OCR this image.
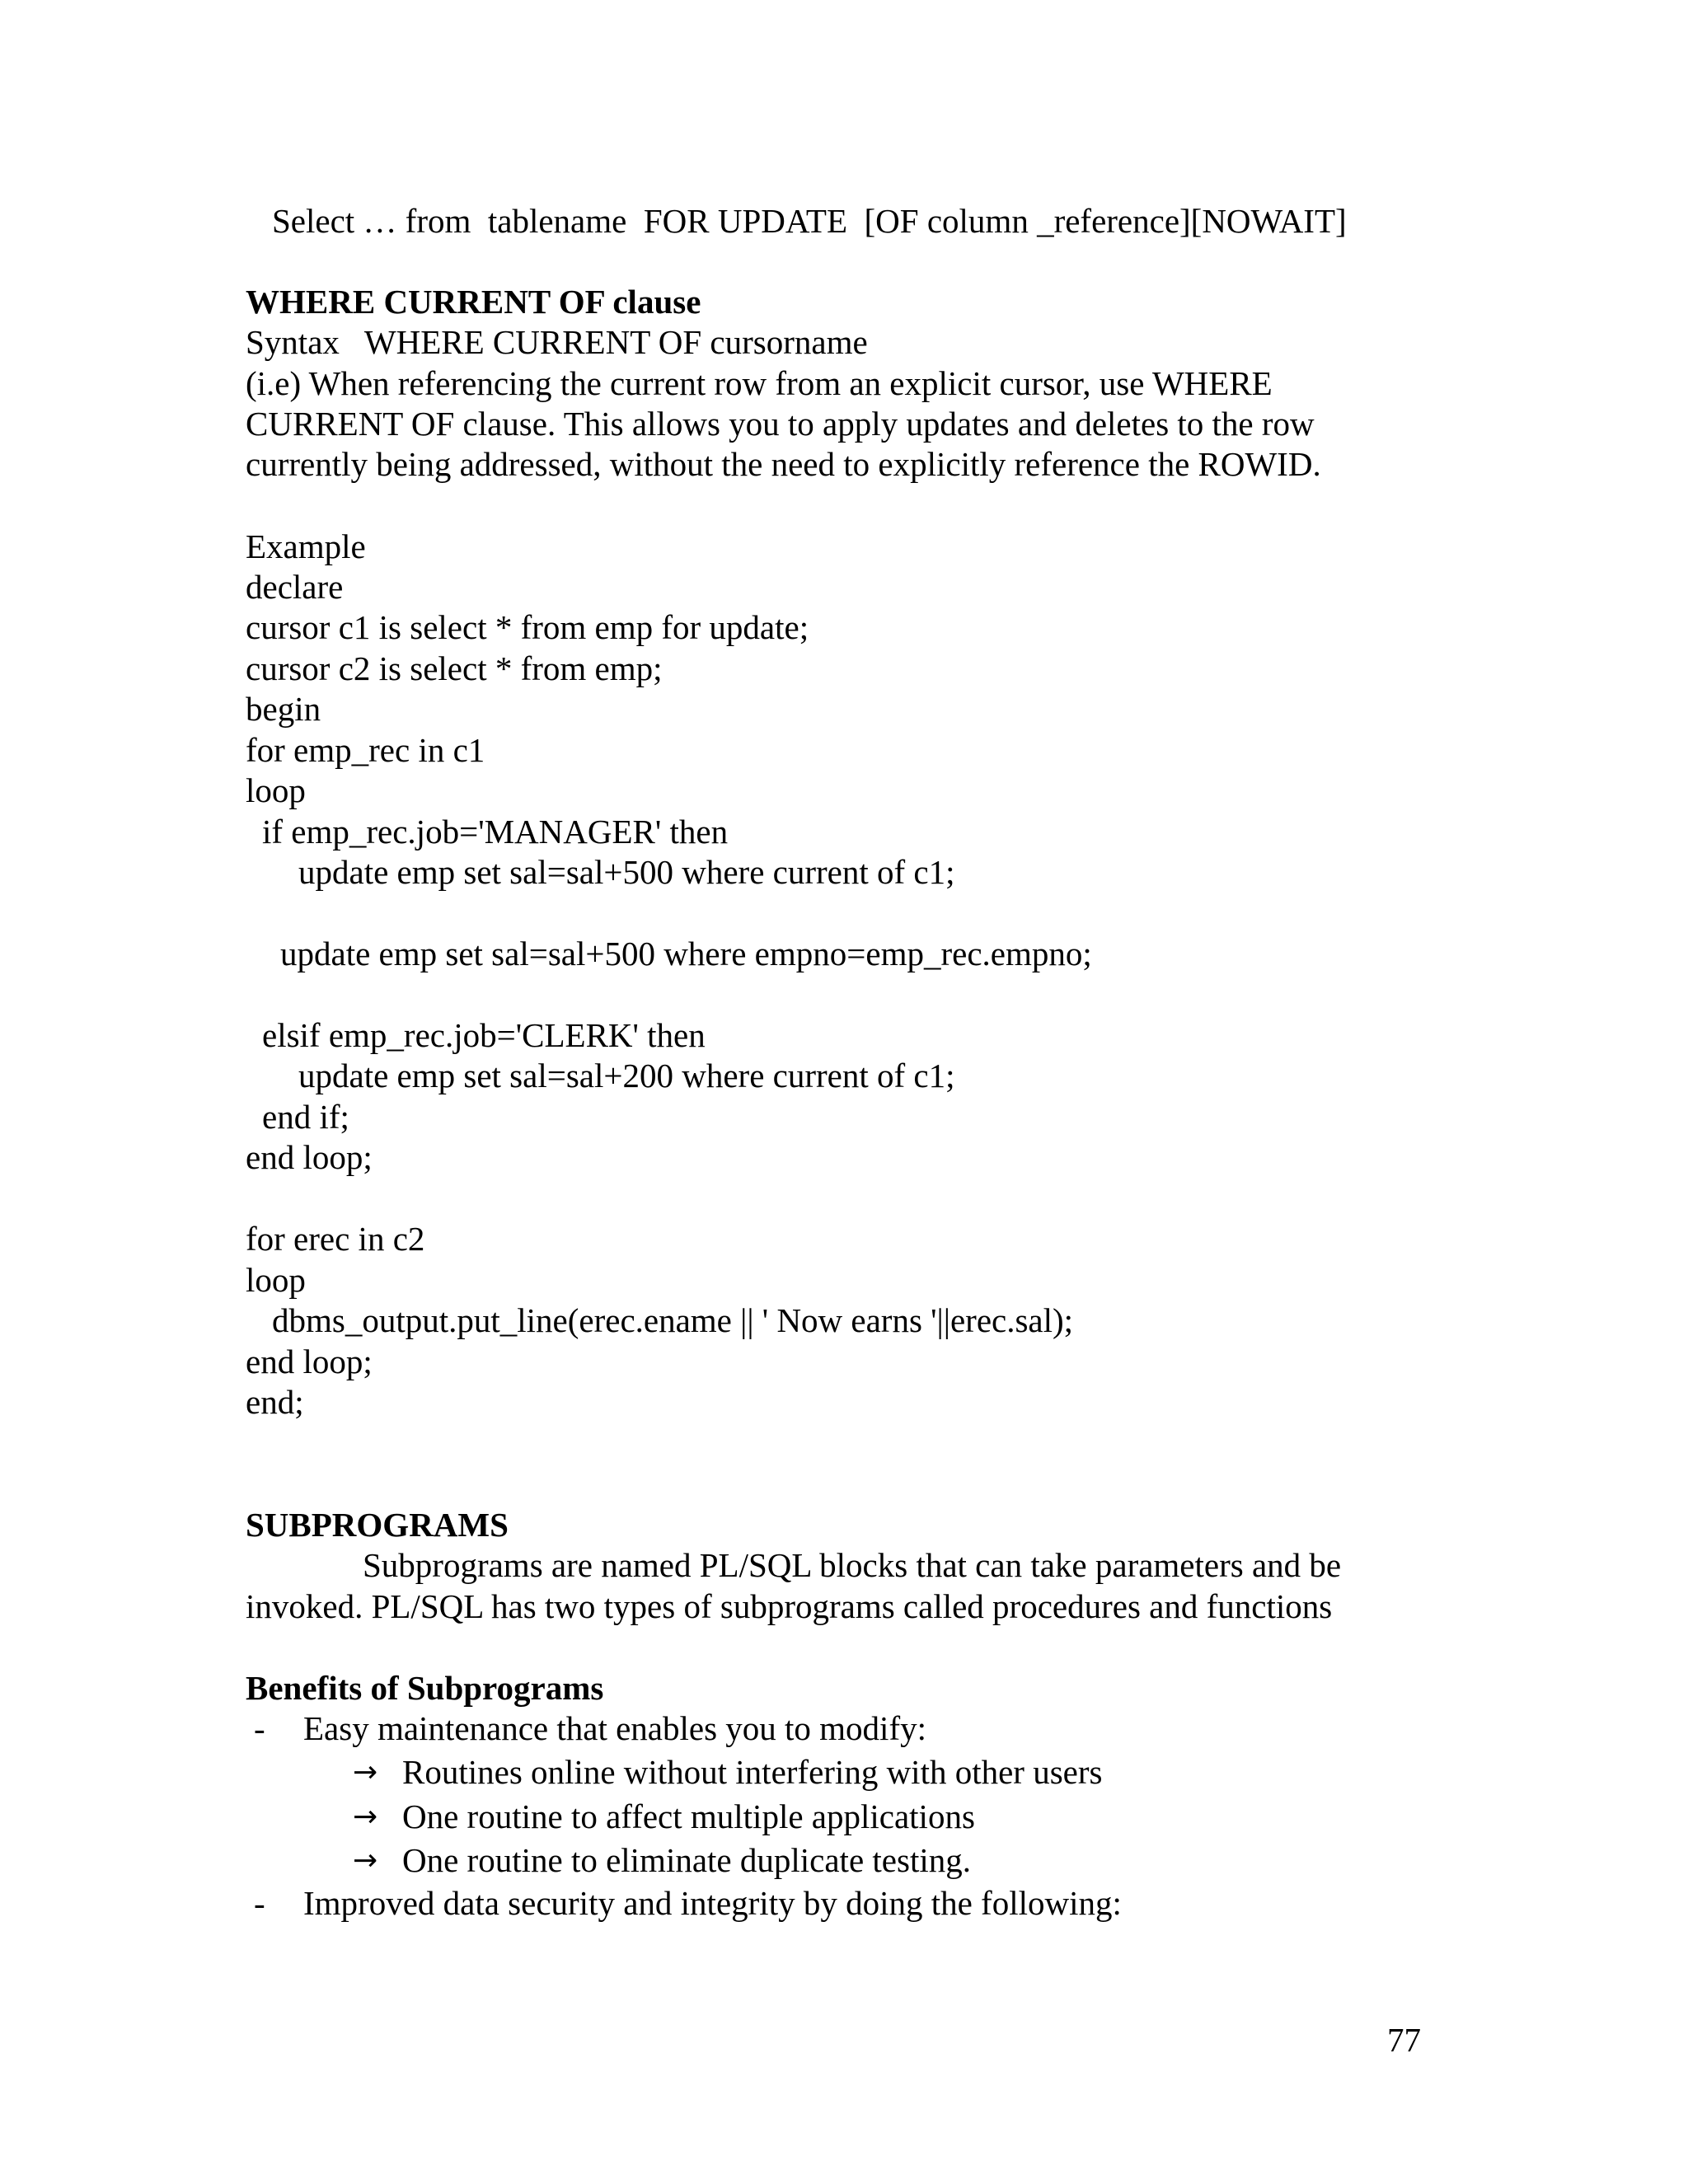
Select … from  tablename  FOR UPDATE  [OF column _reference][NOWAIT]
WHERE CURRENT OF clause
Syntax   WHERE CURRENT OF cursorname
(i.e) When referencing the current row from an explicit cursor, use WHERE
CURRENT OF clause. This allows you to apply updates and deletes to the row
currently being addressed, without the need to explicitly reference the ROWID.
Example
declare
cursor c1 is select * from emp for update;
cursor c2 is select * from emp;
begin
for emp_rec in c1
loop
if emp_rec.job='MANAGER' then
update emp set sal=sal+500 where current of c1;
update emp set sal=sal+500 where empno=emp_rec.empno;
elsif emp_rec.job='CLERK' then
update emp set sal=sal+200 where current of c1;
end if;
end loop;
for erec in c2
loop
dbms_output.put_line(erec.ename || ' Now earns '||erec.sal);
end loop;
end;
SUBPROGRAMS
Subprograms are named PL/SQL blocks that can take parameters and be
invoked. PL/SQL has two types of subprograms called procedures and functions
Benefits of Subprograms
- Easy maintenance that enables you to modify:
→ Routines online without interfering with other users
→ One routine to affect multiple applications
→ One routine to eliminate duplicate testing.
- Improved data security and integrity by doing the following:
77
